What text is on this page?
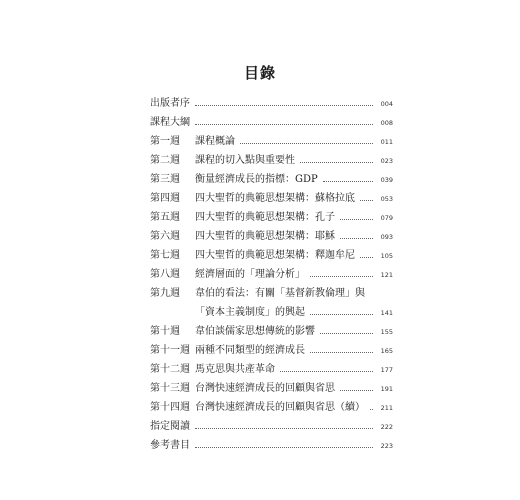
目錄
出版者序	004
課程大綱	008
第一週	課程概論	011
第二週	課程的切入點與重要性	023
第三週	衡量經濟成長的指標：GDP	039
第四週	四大聖哲的典範思想架構：蘇格拉底	053
第五週	四大聖哲的典範思想架構：孔子	079
第六週	四大聖哲的典範思想架構：耶穌	093
第七週	四大聖哲的典範思想架構：釋迦牟尼	105
第八週	經濟層面的「理論分析」	121
第九週	韋伯的看法：有關「基督新教倫理」與
「資本主義制度」的興起	141
第十週	韋伯談儒家思想傳統的影響	155
第十一週 兩種不同類型的經濟成長	165
第十二週 馬克思與共產革命	177
第十三週 台灣快速經濟成長的回顧與省思	191
第十四週 台灣快速經濟成長的回顧與省思（續）	211
指定閱讀	222
參考書目	223
